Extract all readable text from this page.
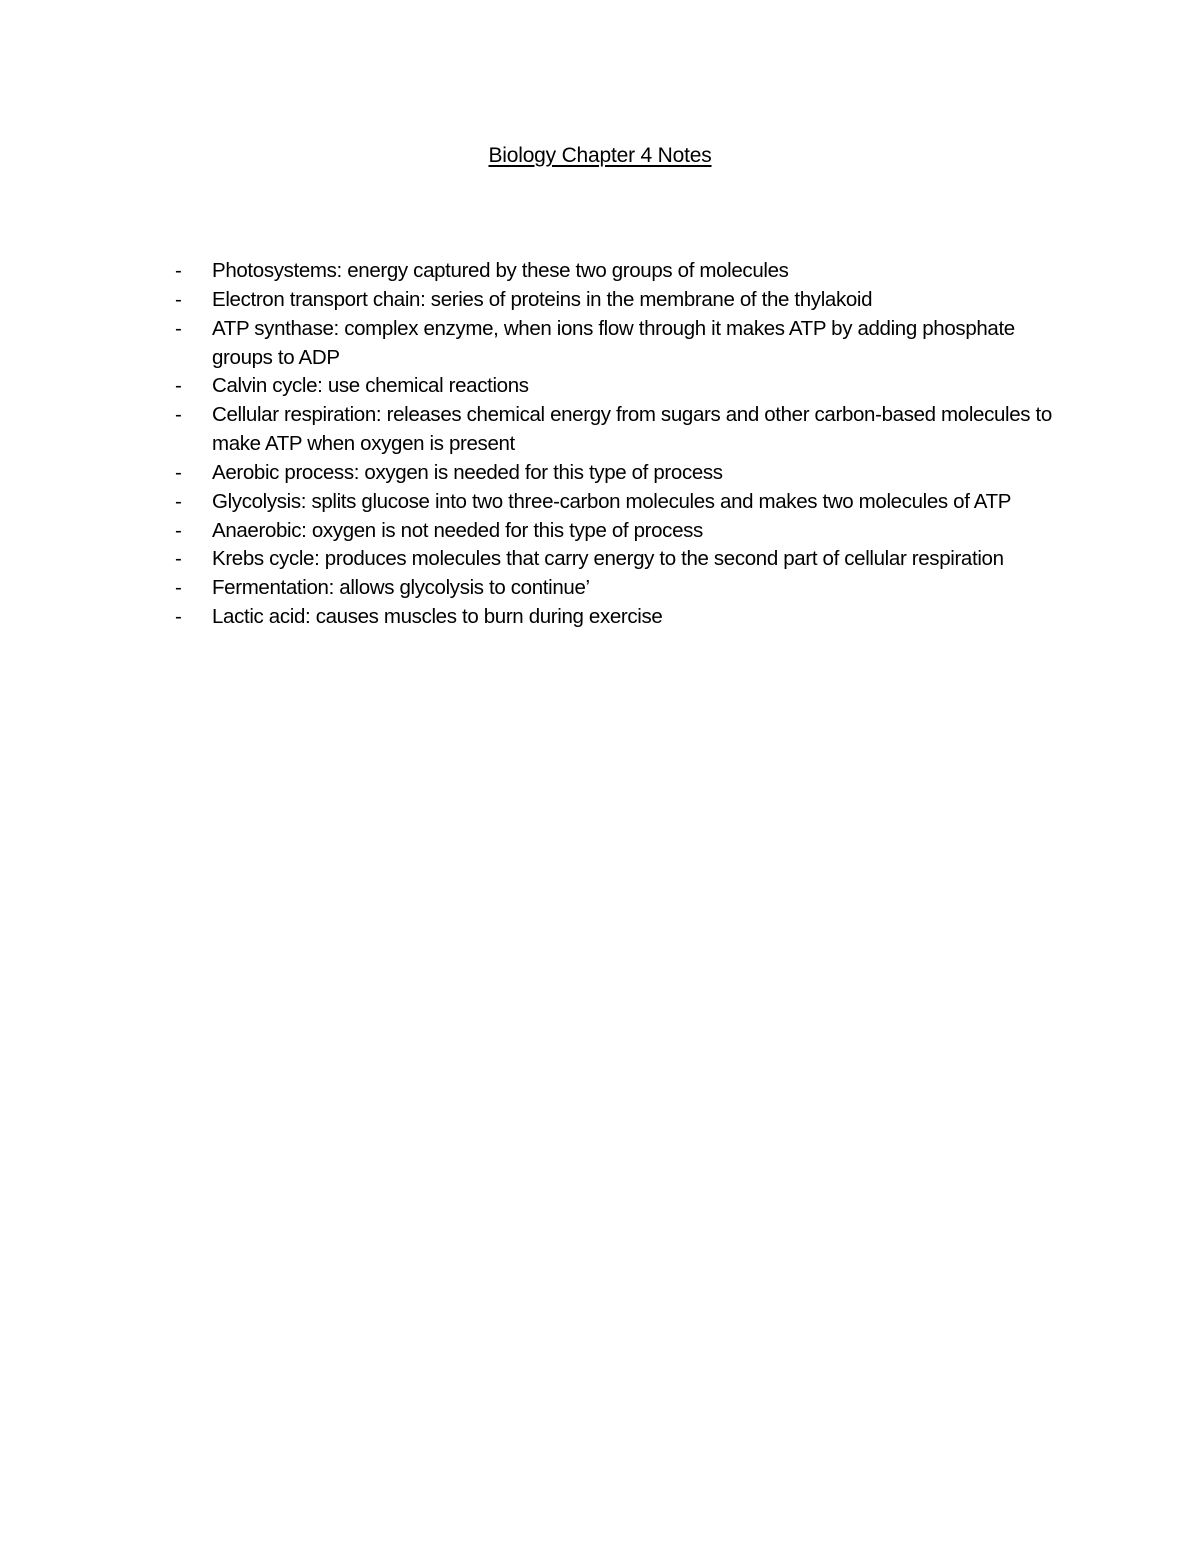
Biology Chapter 4 Notes
- Photosystems: energy captured by these two groups of molecules
- Electron transport chain: series of proteins in the membrane of the thylakoid
- ATP synthase: complex enzyme, when ions flow through it makes ATP by adding phosphate groups to ADP
- Calvin cycle: use chemical reactions
- Cellular respiration: releases chemical energy from sugars and other carbon-based molecules to make ATP when oxygen is present
- Aerobic process: oxygen is needed for this type of process
- Glycolysis: splits glucose into two three-carbon molecules and makes two molecules of ATP
- Anaerobic: oxygen is not needed for this type of process
- Krebs cycle: produces molecules that carry energy to the second part of cellular respiration
- Fermentation: allows glycolysis to continue’
- Lactic acid: causes muscles to burn during exercise
